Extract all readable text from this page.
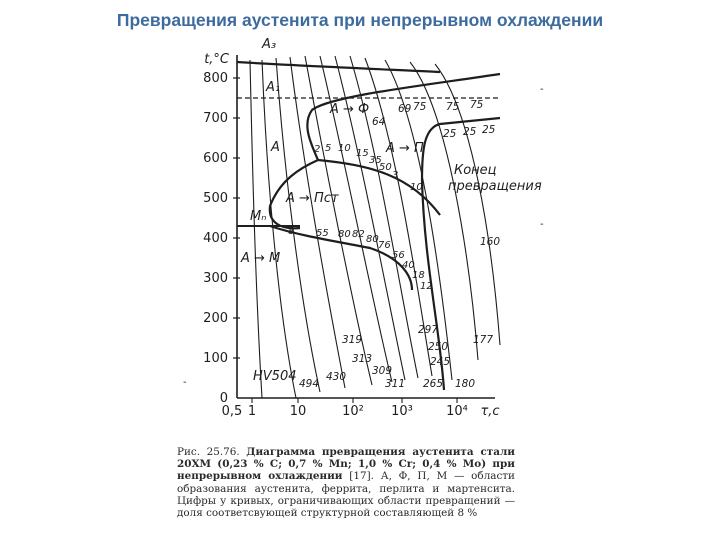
Превращения аустенита при непрерывном охлаждении
t,°C
800
700
600
500
400
300
200
100
0
0,5 1	10	10² 10³	10⁴ τ,c
-
-
-
A₃
A₁
A
Mₙ
A → Ф
A → П
A → Пст
A → M
Конец
превращения
HV504
69 75 75 75
64
25 25 25
2 5 10 15
35
50
3
10
8 55 80 82 80
76
56
40
18
12
160
177
319
313
309
297
250
245
494
430
311 265 180
Рис. 25.76. Диаграмма превращения аустенита стали 20ХМ (0,23 % С; 0,7 % Mn; 1,0 % Cr; 0,4 % Mo) при непрерывном охлаждении [17]. А, Ф, П, М — области образования аустенита, феррита, перлита и мартенсита. Цифры у кривых, ограничивающих области превращений — доля соответсвующей структурной составляющей 8 %
